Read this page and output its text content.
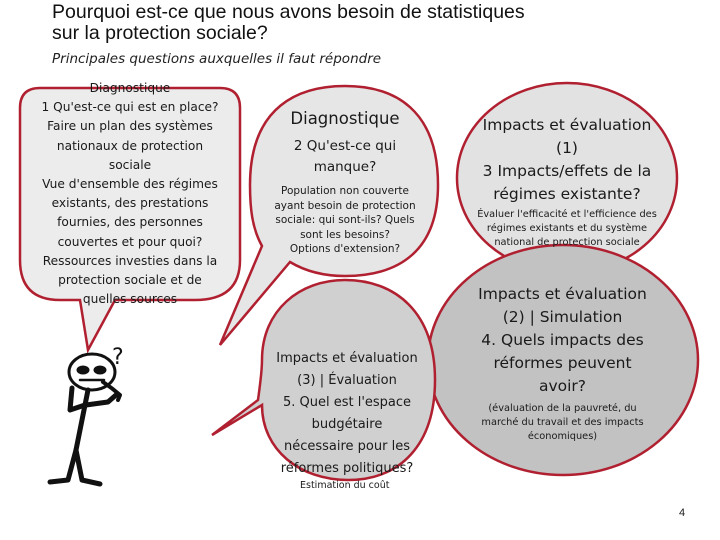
Pourquoi est-ce que nous avons besoin de statistiques
sur la protection sociale?
Principales questions auxquelles il faut répondre
?
Diagnostique
1 Qu'est-ce qui est en place?
Faire un plan des systèmes
nationaux de protection
sociale
Vue d'ensemble des régimes
existants, des prestations
fournies, des personnes
couvertes et pour quoi?
Ressources investies dans la
protection sociale et de
quelles sources
Diagnostique
2 Qu'est-ce qui
manque?
Population non couverte
ayant besoin de protection
sociale: qui sont-ils? Quels
sont les besoins?
Options d'extension?
Impacts et évaluation
(1)
3 Impacts/effets de la
régimes existante?
Évaluer l'efficacité et l'efficience des
régimes existants et du système
national de protection sociale
Impacts et évaluation
(2) | Simulation
4. Quels impacts des
réformes peuvent
avoir?
(évaluation de la pauvreté, du
marché du travail et des impacts
économiques)
Impacts et évaluation
(3) | Évaluation
5. Quel est l'espace
budgétaire
nécessaire pour les
réformes politiques?
Estimation du coût
4
